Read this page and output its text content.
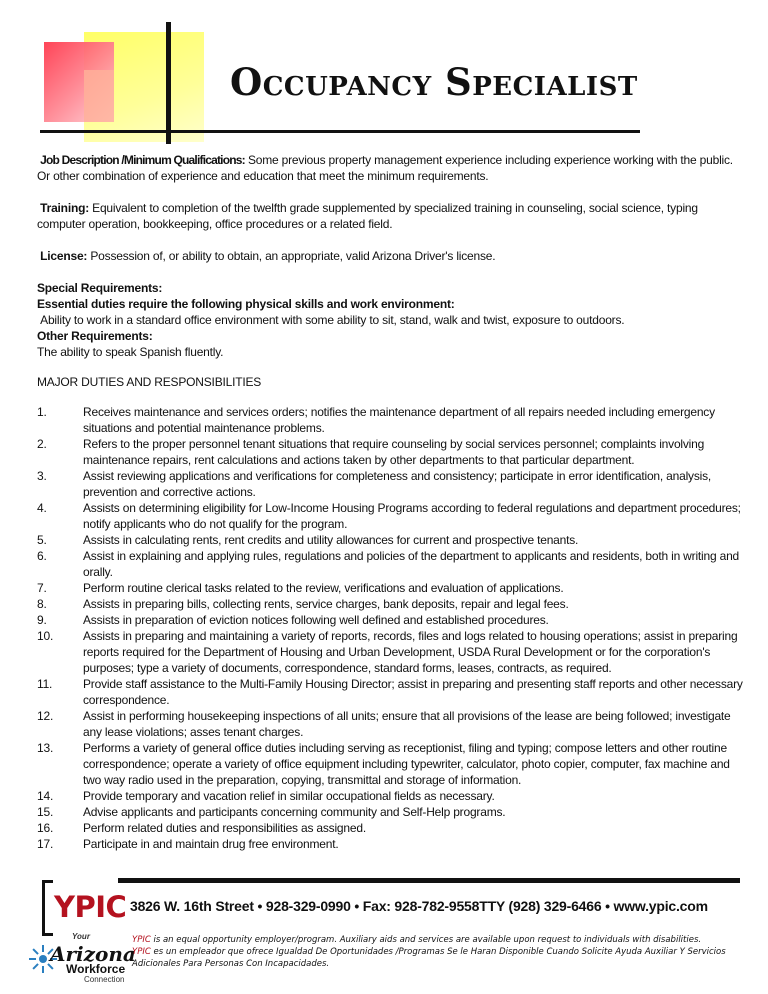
Occupancy Specialist

Job Description /Minimum Qualifications: Some previous property management experience including experience working with the public. Or other combination of experience and education that meet the minimum requirements.

Training: Equivalent to completion of the twelfth grade supplemented by specialized training in counseling, social science, typing computer operation, bookkeeping, office procedures or a related field.

License: Possession of, or ability to obtain, an appropriate, valid Arizona Driver's license.

Special Requirements:

Essential duties require the following physical skills and work environment:

Ability to work in a standard office environment with some ability to sit, stand, walk and twist, exposure to outdoors.

Other Requirements:

The ability to speak Spanish fluently.

MAJOR DUTIES AND RESPONSIBILITIES

1.	Receives maintenance and services orders; notifies the maintenance department of all repairs needed including emergency situations and potential maintenance problems.
2.	Refers to the proper personnel tenant situations that require counseling by social services personnel; complaints involving maintenance repairs, rent calculations and actions taken by other departments to that particular department.
3.	Assist reviewing applications and verifications for completeness and consistency; participate in error identification, analysis, prevention and corrective actions.
4.	Assists on determining eligibility for Low-Income Housing Programs according to federal regulations and department procedures; notify applicants who do not qualify for the program.
5.	Assists in calculating rents, rent credits and utility allowances for current and prospective tenants.
6.	Assist in explaining and applying rules, regulations and policies of the department to applicants and residents, both in writing and orally.
7.	Perform routine clerical tasks related to the review, verifications and evaluation of applications.
8.	Assists in preparing bills, collecting rents, service charges, bank deposits, repair and legal fees.
9.	Assists in preparation of eviction notices following well defined and established procedures.
10. Assists in preparing and maintaining a variety of reports, records, files and logs related to housing operations; assist in preparing reports required for the Department of Housing and Urban Development, USDA Rural Development or for the corporation's purposes; type a variety of documents, correspondence, standard forms, leases, contracts, as required.
11.	Provide staff assistance to the Multi-Family Housing Director; assist in preparing and presenting staff reports and other necessary correspondence.
12. Assist in performing housekeeping inspections of all units; ensure that all provisions of the lease are being followed; investigate any lease violations; asses tenant charges.
13. Performs a variety of general office duties including serving as receptionist, filing and typing; compose letters and other routine correspondence; operate a variety of office equipment including typewriter, calculator, photo copier, computer, fax machine and two way radio used in the preparation, copying, transmittal and storage of information.
14. Provide temporary and vacation relief in similar occupational fields as necessary.
15. Advise applicants and participants concerning community and Self-Help programs.
16. Perform related duties and responsibilities as assigned.
17. Participate in and maintain drug free environment.
YPIC
Your
Arizona
Workforce
Connection

3826 W. 16th Street • 928-329-0990 • Fax: 928-782-9558TTY (928) 329-6466 • www.ypic.com

YPIC is an equal opportunity employer/program. Auxiliary aids and services are available upon request to individuals with disabilities.

YPIC es un empleador que ofrece Igualdad De Oportunidades /Programas Se le Haran Disponible Cuando Solicite Ayuda Auxiliar Y Servicios Adicionales Para Personas Con Incapacidades.
